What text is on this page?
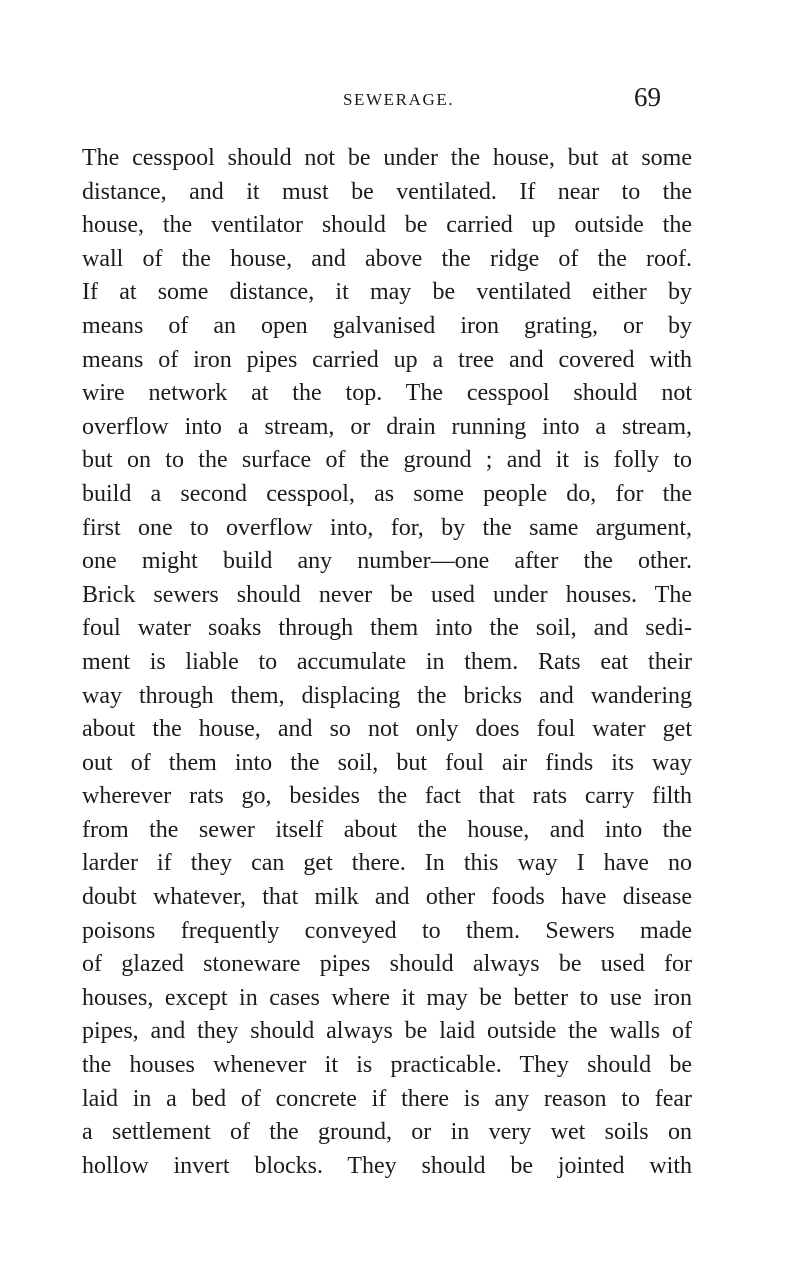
SEWERAGE.	69
The cesspool should not be under the house, but at some
distance, and it must be ventilated. If near to the
house, the ventilator should be carried up outside the
wall of the house, and above the ridge of the roof.
If at some distance, it may be ventilated either by
means of an open galvanised iron grating, or by
means of iron pipes carried up a tree and covered with
wire network at the top. The cesspool should not
overflow into a stream, or drain running into a stream,
but on to the surface of the ground ; and it is folly to
build a second cesspool, as some people do, for the
first one to overflow into, for, by the same argument,
one might build any number—one after the other.
Brick sewers should never be used under houses. The
foul water soaks through them into the soil, and sedi-
ment is liable to accumulate in them. Rats eat their
way through them, displacing the bricks and wandering
about the house, and so not only does foul water get
out of them into the soil, but foul air finds its way
wherever rats go, besides the fact that rats carry filth
from the sewer itself about the house, and into the
larder if they can get there. In this way I have no
doubt whatever, that milk and other foods have disease
poisons frequently conveyed to them. Sewers made
of glazed stoneware pipes should always be used for
houses, except in cases where it may be better to use iron
pipes, and they should always be laid outside the walls of
the houses whenever it is practicable. They should be
laid in a bed of concrete if there is any reason to fear
a settlement of the ground, or in very wet soils on
hollow invert blocks. They should be jointed with
